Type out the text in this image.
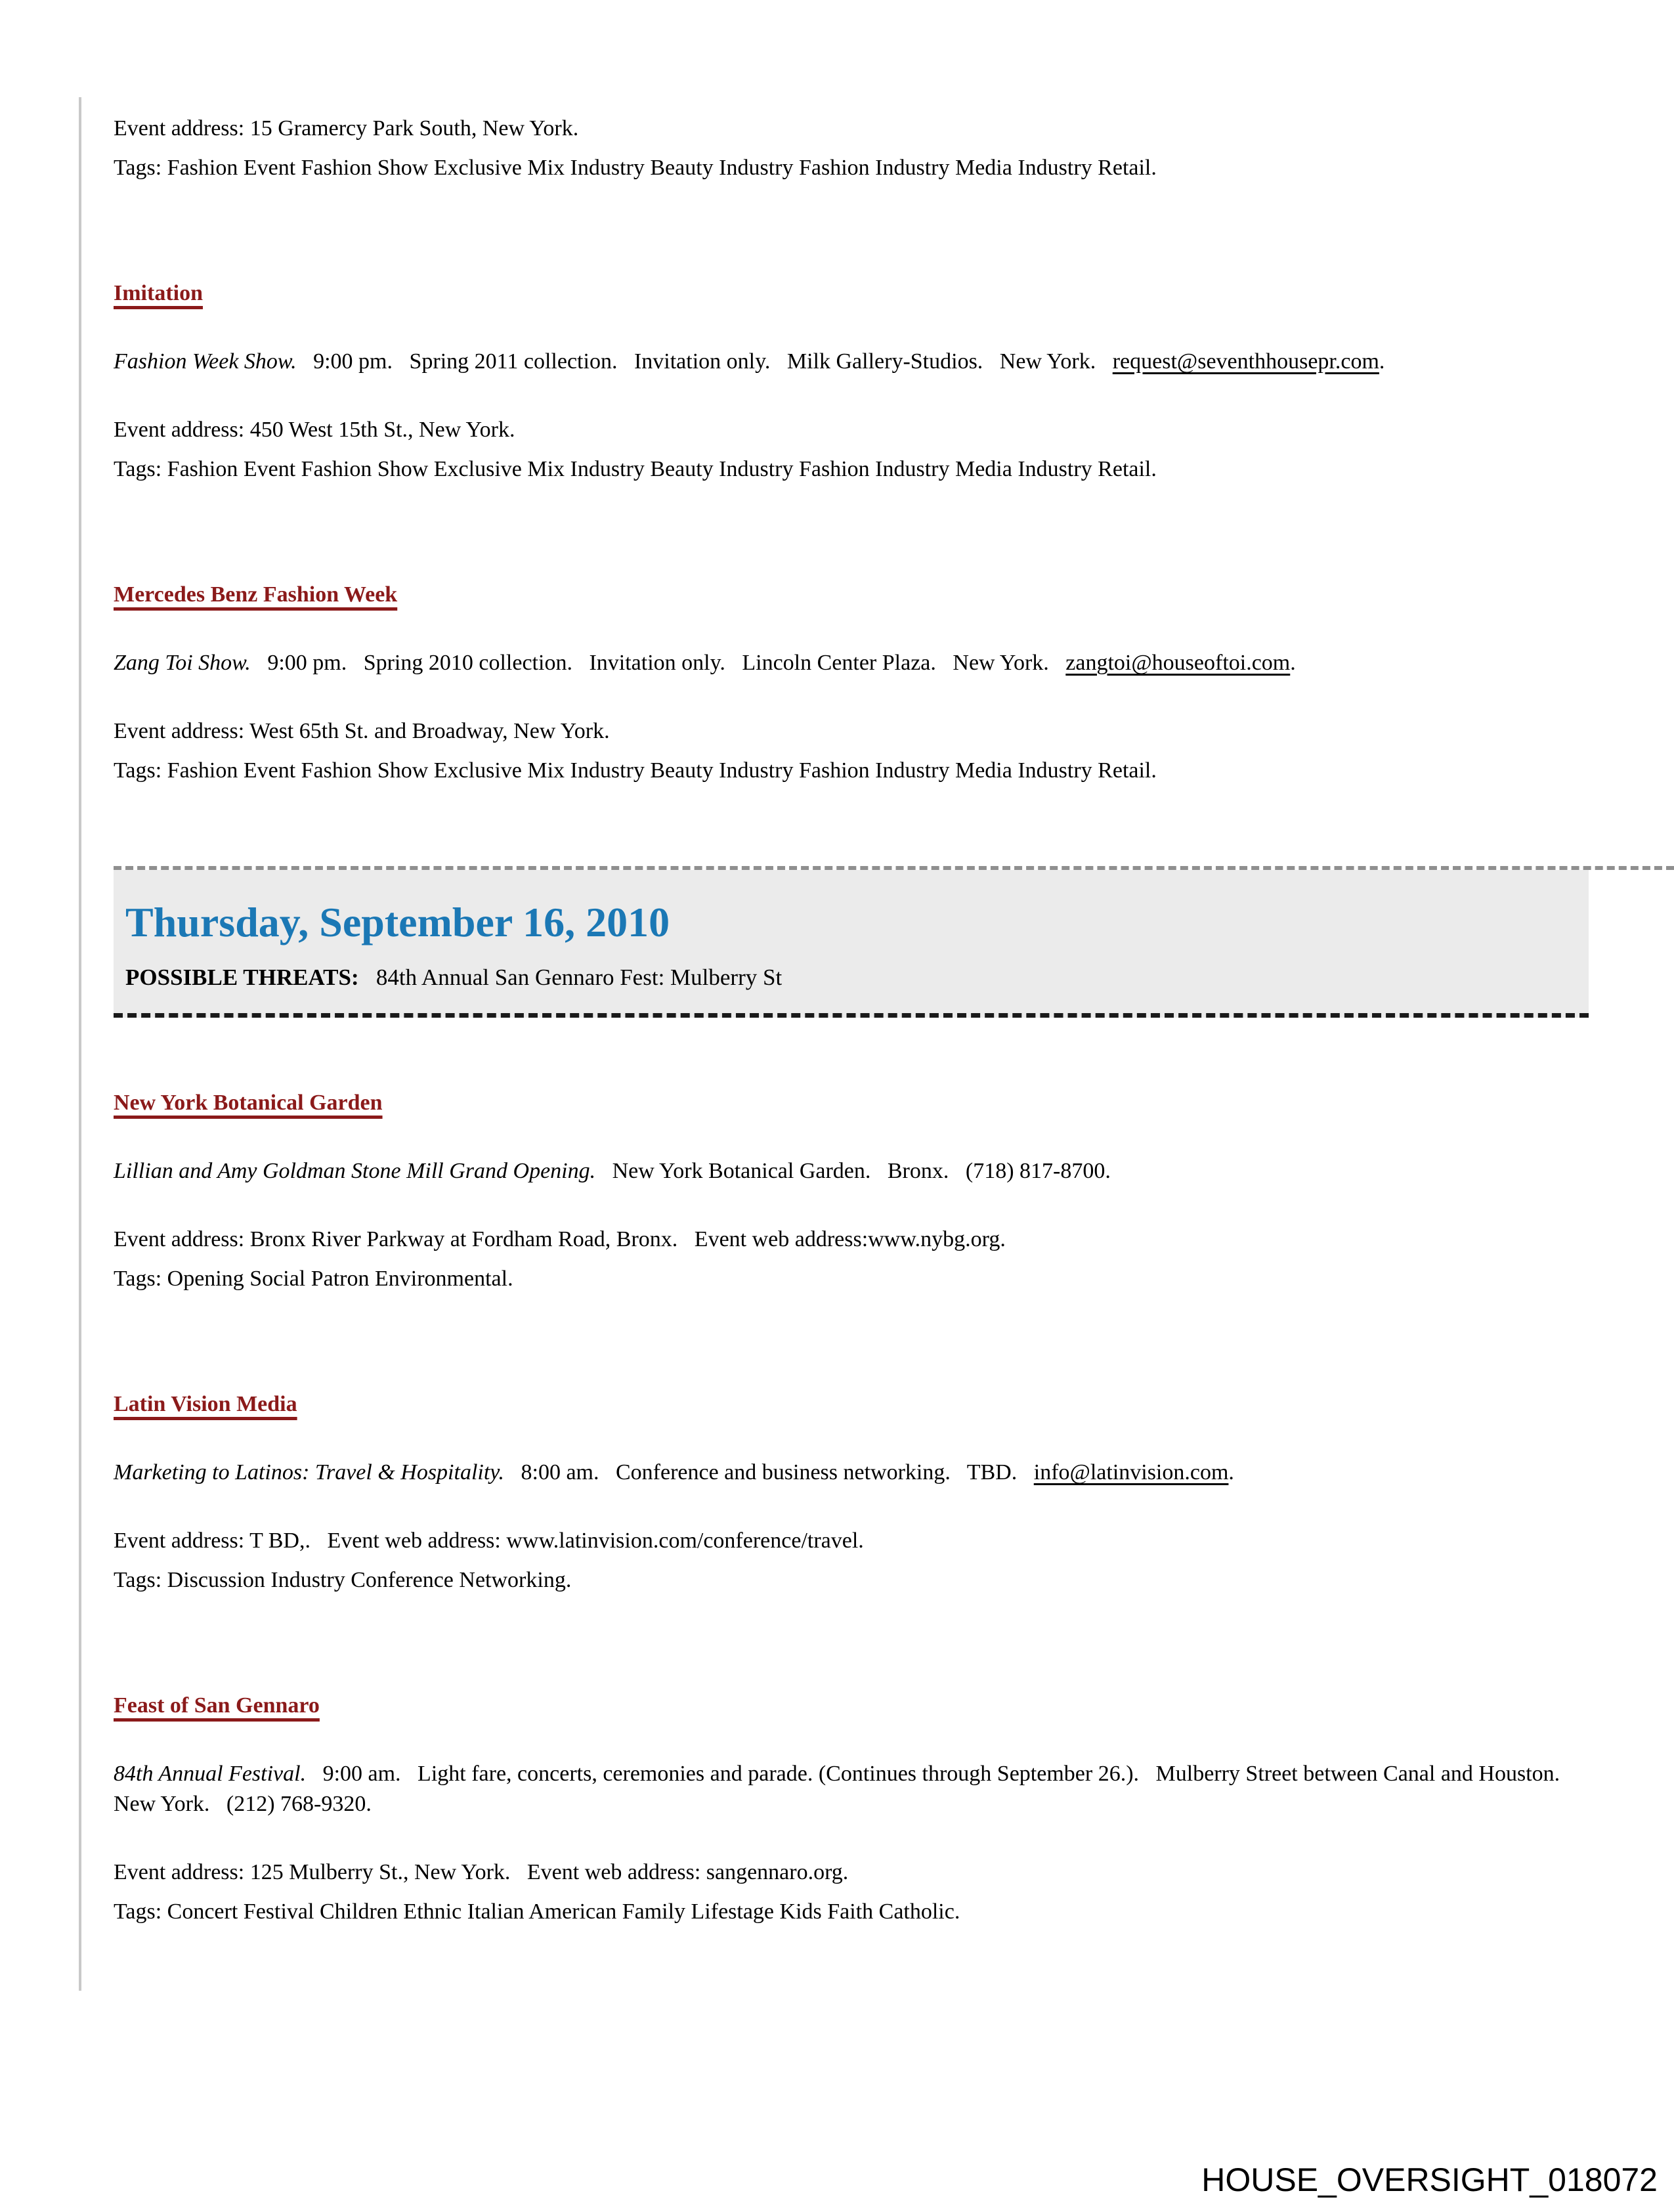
Event address: 15 Gramercy Park South, New York.
Tags: Fashion Event Fashion Show Exclusive Mix Industry Beauty Industry Fashion Industry Media Industry Retail.
Imitation
Fashion Week Show.   9:00 pm.   Spring 2011 collection.   Invitation only.   Milk Gallery-Studios.   New York.   request@seventhhousepr.com.
Event address: 450 West 15th St., New York.
Tags: Fashion Event Fashion Show Exclusive Mix Industry Beauty Industry Fashion Industry Media Industry Retail.
Mercedes Benz Fashion Week
Zang Toi Show.   9:00 pm.   Spring 2010 collection.   Invitation only.   Lincoln Center Plaza.   New York.   zangtoi@houseoftoi.com.
Event address: West 65th St. and Broadway, New York.
Tags: Fashion Event Fashion Show Exclusive Mix Industry Beauty Industry Fashion Industry Media Industry Retail.
Thursday, September 16, 2010
POSSIBLE THREATS:   84th Annual San Gennaro Fest: Mulberry St
New York Botanical Garden
Lillian and Amy Goldman Stone Mill Grand Opening.   New York Botanical Garden.   Bronx.   (718) 817-8700.
Event address: Bronx River Parkway at Fordham Road, Bronx.   Event web address:www.nybg.org.
Tags: Opening Social Patron Environmental.
Latin Vision Media
Marketing to Latinos: Travel & Hospitality.   8:00 am.   Conference and business networking.   TBD.   info@latinvision.com.
Event address: T BD,.   Event web address: www.latinvision.com/conference/travel.
Tags: Discussion Industry Conference Networking.
Feast of San Gennaro
84th Annual Festival.   9:00 am.   Light fare, concerts, ceremonies and parade. (Continues through September 26.).   Mulberry Street between Canal and Houston.   New York.   (212) 768-9320.
Event address: 125 Mulberry St., New York.   Event web address: sangennaro.org.
Tags: Concert Festival Children Ethnic Italian American Family Lifestage Kids Faith Catholic.
HOUSE_OVERSIGHT_018072
